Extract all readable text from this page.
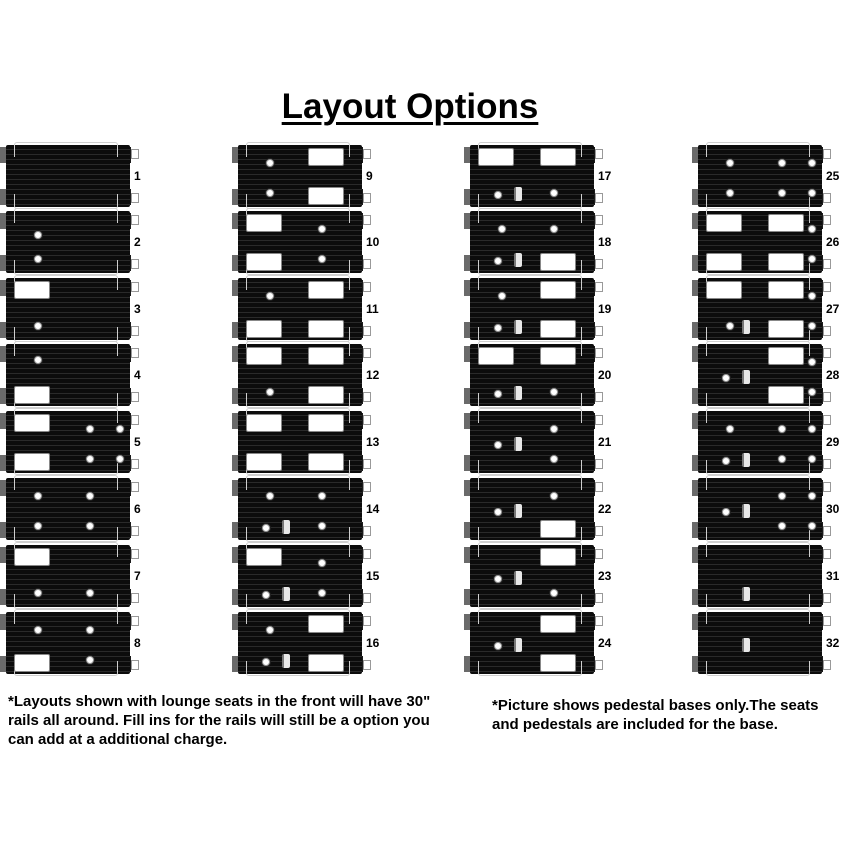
Layout Options
1
2
3
4
5
6
7
8
9
10
11
12
13
14
15
16
17
18
19
20
21
22
23
24
25
26
27
28
29
30
31
32
*Layouts shown with lounge seats in the front will have 30" rails all around. Fill ins for the rails will still be a option you can add at a additional charge.
*Picture shows pedestal bases only.The seats and pedestals are included for the base.
